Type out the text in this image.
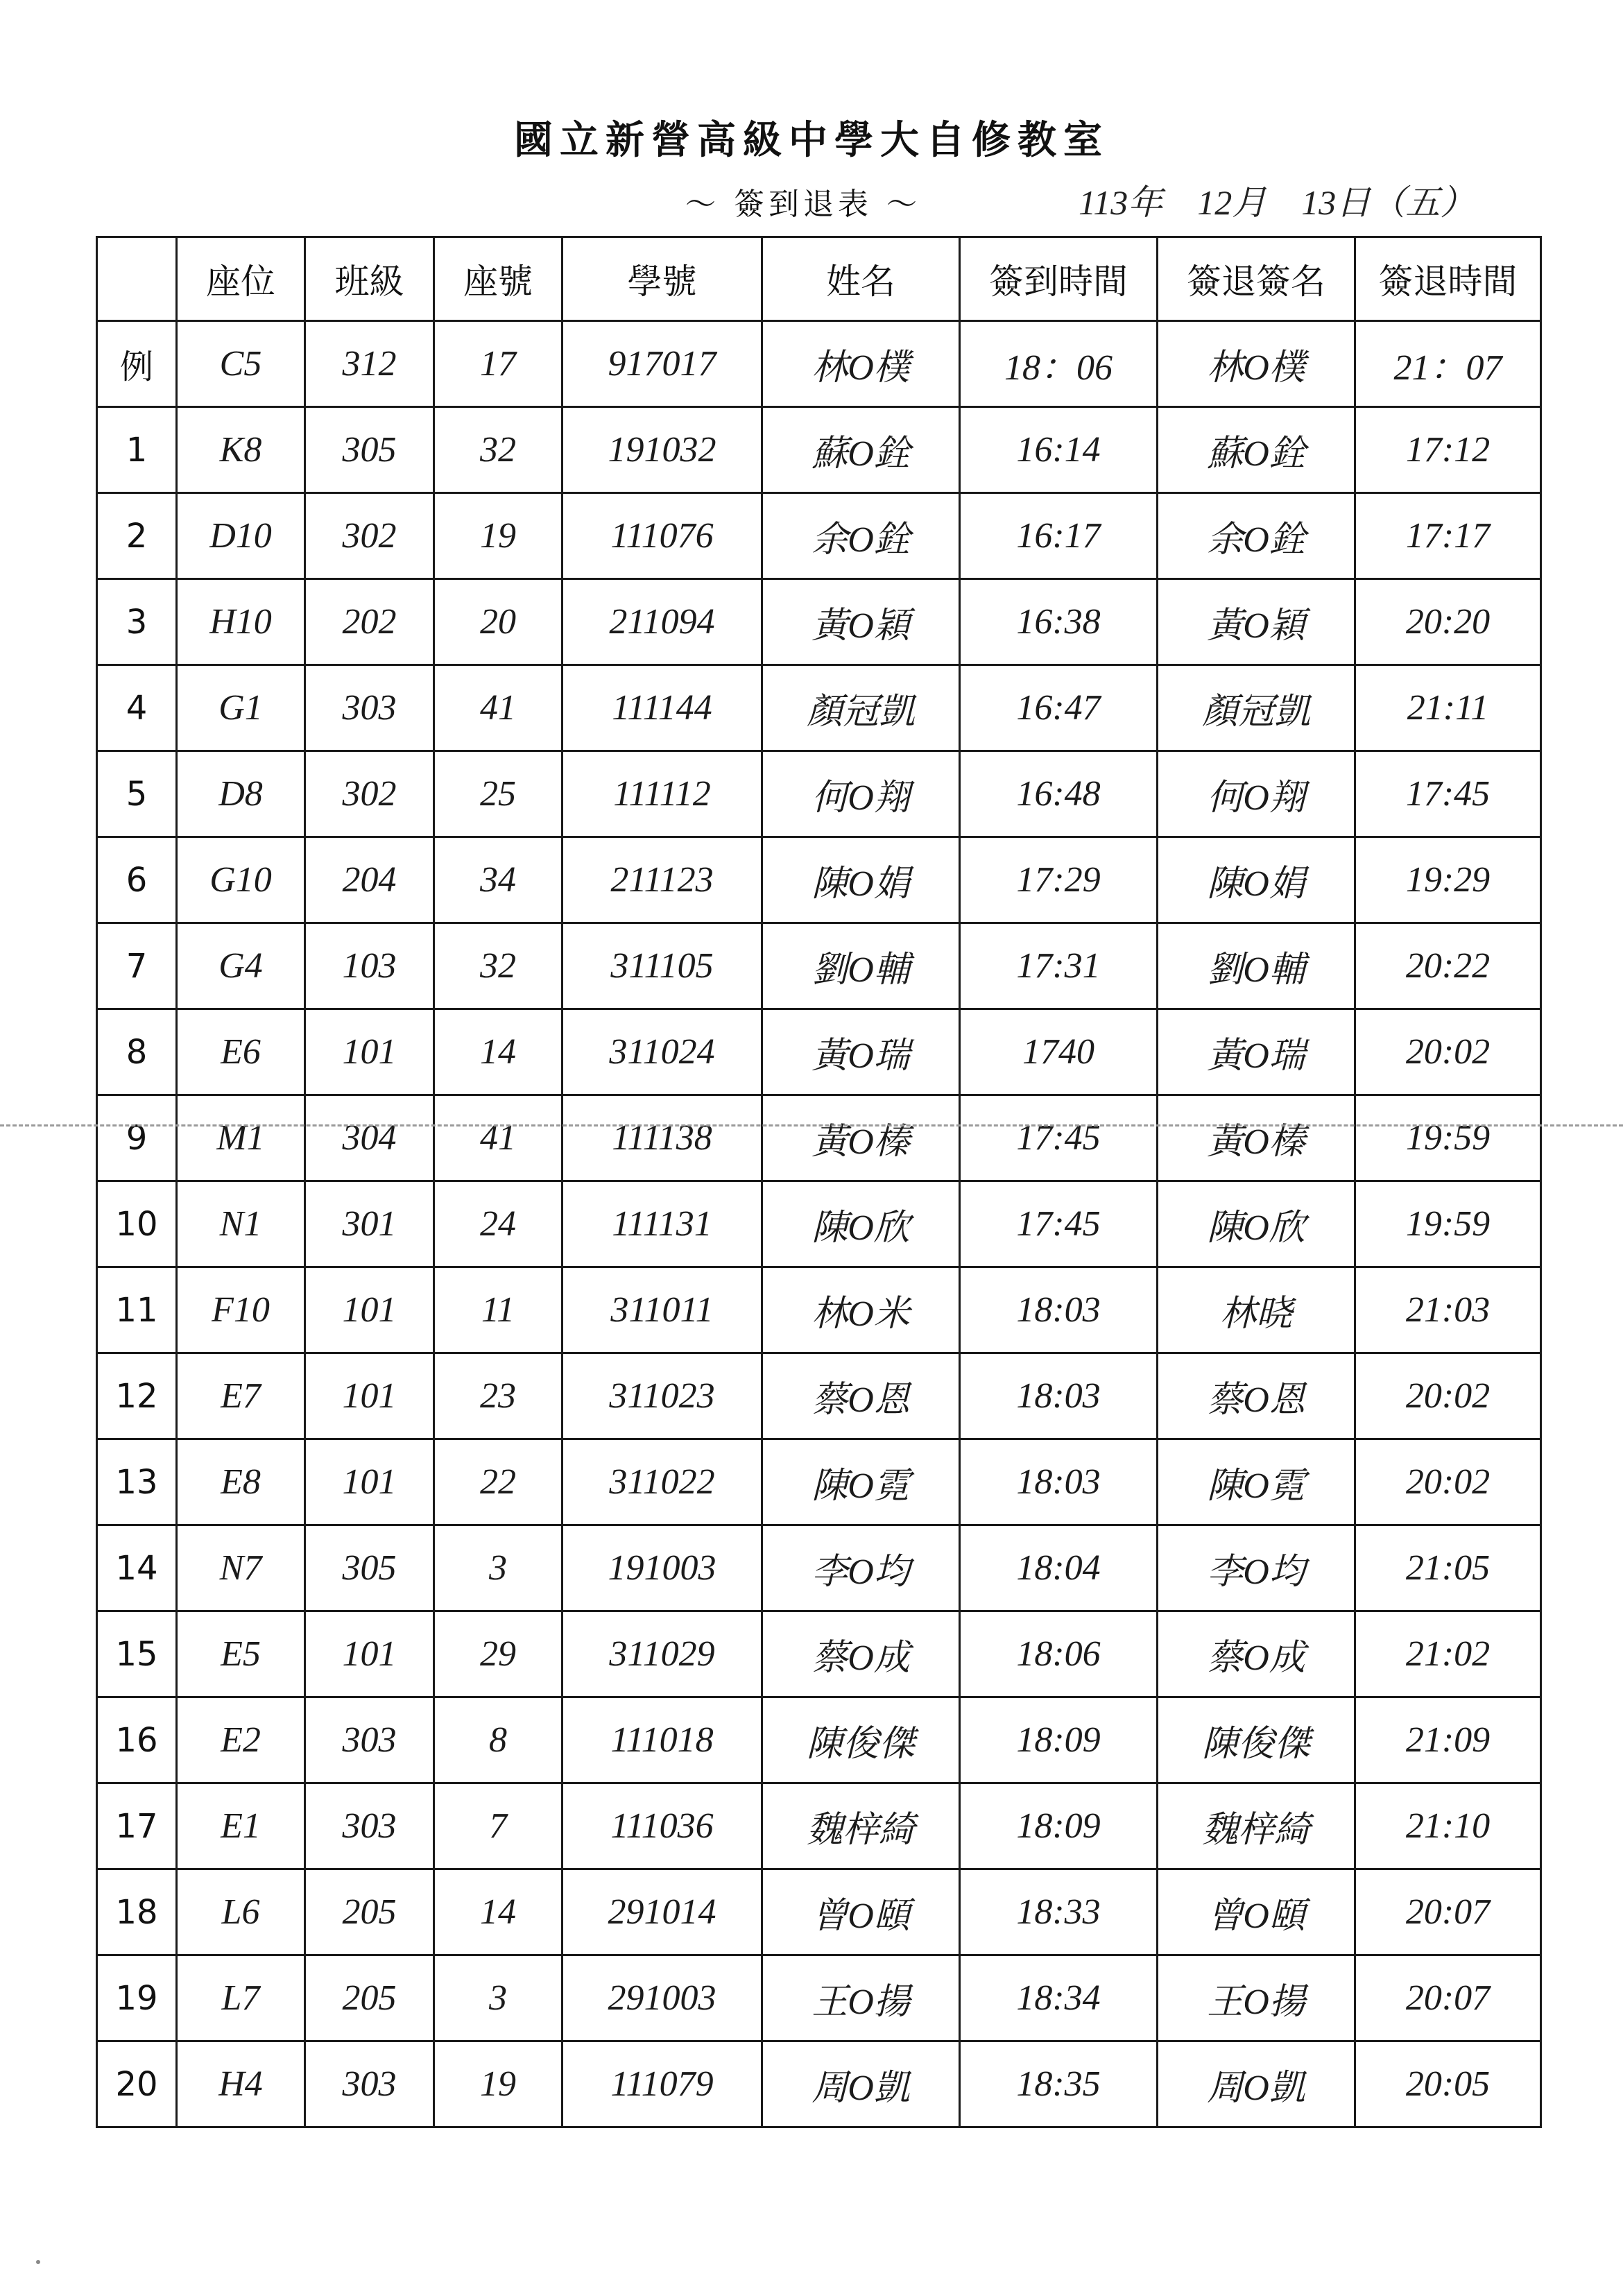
國立新營高級中學大自修教室
～ 簽到退表 ～	113年　12月　13日（五）
	座位	班級	座號	學號	姓名	簽到時間	簽退簽名	簽退時間
例	C5	312	17	917017	林O樸	18：06	林O樸	21：07
1	K8	305	32	191032	蘇O銓	16:14	蘇O銓	17:12
2	D10	302	19	111076	余O銓	16:17	余O銓	17:17
3	H10	202	20	211094	黃O穎	16:38	黃O穎	20:20
4	G1	303	41	111144	顏冠凱	16:47	顏冠凱	21:11
5	D8	302	25	111112	何O翔	16:48	何O翔	17:45
6	G10	204	34	211123	陳O娟	17:29	陳O娟	19:29
7	G4	103	32	311105	劉O輔	17:31	劉O輔	20:22
8	E6	101	14	311024	黃O瑞	1740	黃O瑞	20:02
9	M1	304	41	111138	黃O榛	17:45	黃O榛	19:59
10	N1	301	24	111131	陳O欣	17:45	陳O欣	19:59
11	F10	101	11	311011	林O米	18:03	林晓	21:03
12	E7	101	23	311023	蔡O恩	18:03	蔡O恩	20:02
13	E8	101	22	311022	陳O霓	18:03	陳O霓	20:02
14	N7	305	3	191003	李O均	18:04	李O均	21:05
15	E5	101	29	311029	蔡O成	18:06	蔡O成	21:02
16	E2	303	8	111018	陳俊傑	18:09	陳俊傑	21:09
17	E1	303	7	111036	魏梓綺	18:09	魏梓綺	21:10
18	L6	205	14	291014	曾O頤	18:33	曾O頤	20:07
19	L7	205	3	291003	王O揚	18:34	王O揚	20:07
20	H4	303	19	111079	周O凱	18:35	周O凱	20:05
